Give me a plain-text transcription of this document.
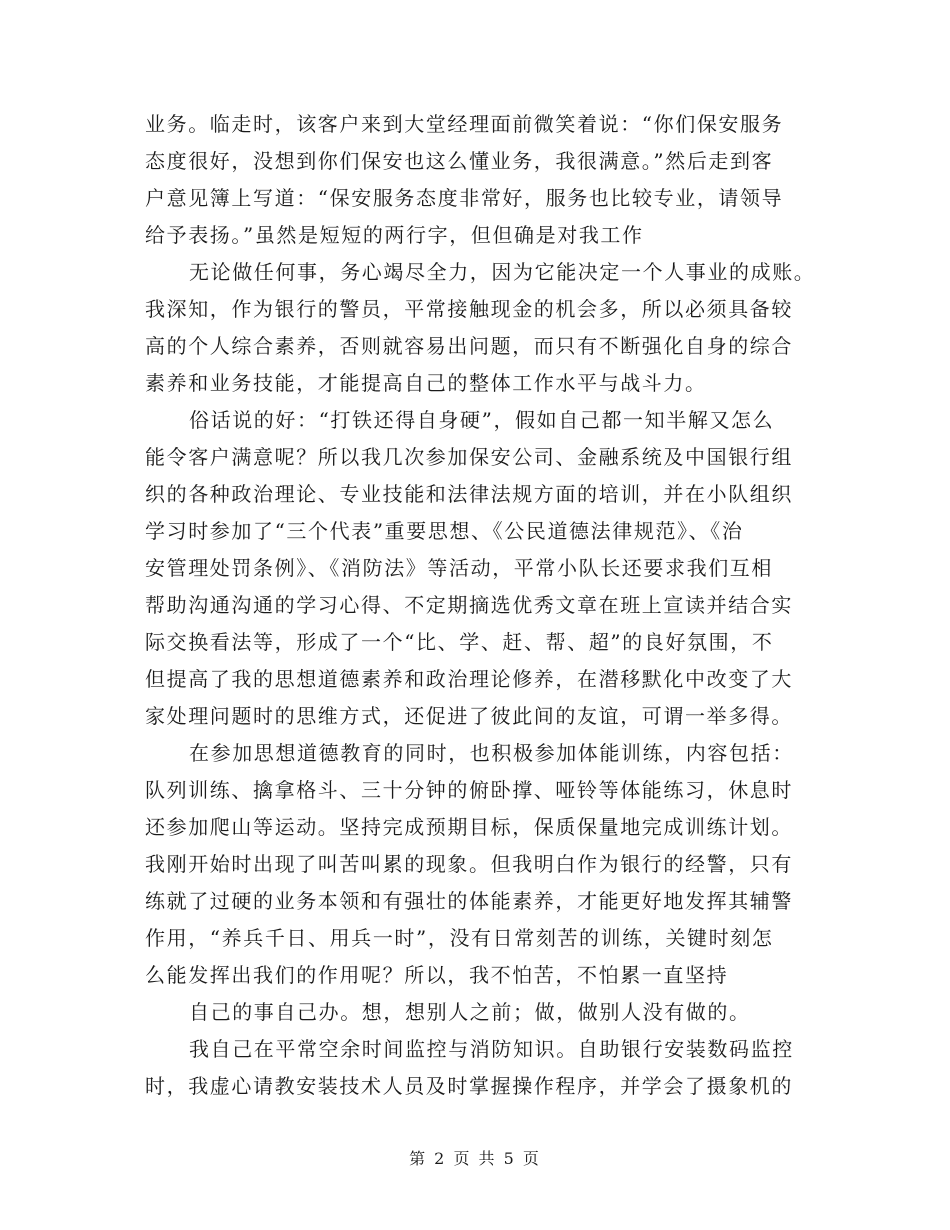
业务。临走时，该客户来到大堂经理面前微笑着说：“你们保安服务
态度很好，没想到你们保安也这么懂业务，我很满意。”然后走到客
户意见簿上写道：“保安服务态度非常好，服务也比较专业，请领导
给予表扬。”虽然是短短的两行字，但但确是对我工作
无论做任何事，务心竭尽全力，因为它能决定一个人事业的成账。
我深知，作为银行的警员，平常接触现金的机会多，所以必须具备较
高的个人综合素养，否则就容易出问题，而只有不断强化自身的综合
素养和业务技能，才能提高自己的整体工作水平与战斗力。
俗话说的好：“打铁还得自身硬”，假如自己都一知半解又怎么
能令客户满意呢？所以我几次参加保安公司、金融系统及中国银行组
织的各种政治理论、专业技能和法律法规方面的培训，并在小队组织
学习时参加了“三个代表”重要思想、《公民道德法律规范》、《治
安管理处罚条例》、《消防法》等活动，平常小队长还要求我们互相
帮助沟通沟通的学习心得、不定期摘选优秀文章在班上宣读并结合实
际交换看法等，形成了一个“比、学、赶、帮、超”的良好氛围，不
但提高了我的思想道德素养和政治理论修养，在潜移默化中改变了大
家处理问题时的思维方式，还促进了彼此间的友谊，可谓一举多得。
在参加思想道德教育的同时，也积极参加体能训练，内容包括：
队列训练、擒拿格斗、三十分钟的俯卧撑、哑铃等体能练习，休息时
还参加爬山等运动。坚持完成预期目标，保质保量地完成训练计划。
我刚开始时出现了叫苦叫累的现象。但我明白作为银行的经警，只有
练就了过硬的业务本领和有强壮的体能素养，才能更好地发挥其辅警
作用，“养兵千日、用兵一时”，没有日常刻苦的训练，关键时刻怎
么能发挥出我们的作用呢？所以，我不怕苦，不怕累一直坚持
自己的事自己办。想，想别人之前；做，做别人没有做的。
我自己在平常空余时间监控与消防知识。自助银行安装数码监控
时，我虚心请教安装技术人员及时掌握操作程序，并学会了摄象机的
第 2 页 共 5 页
